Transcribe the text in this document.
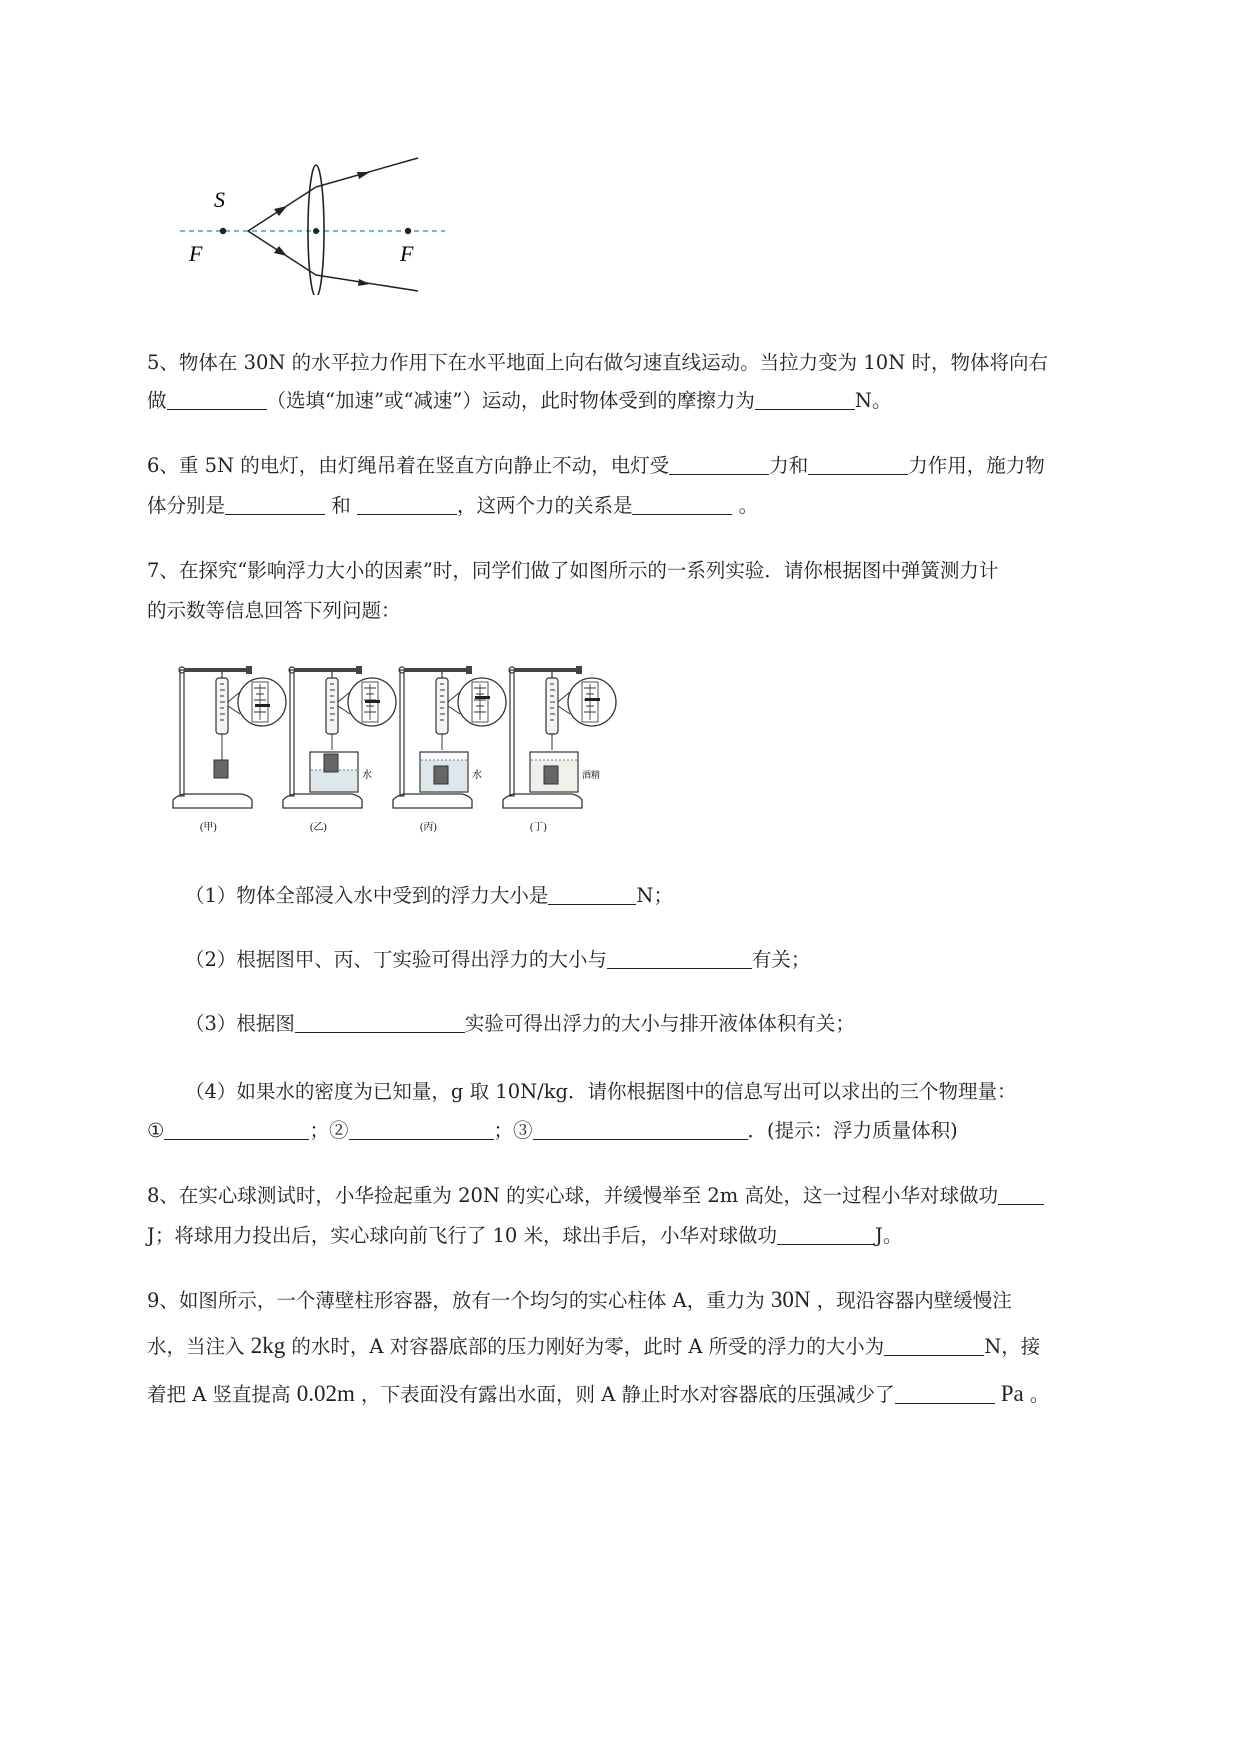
S
F	F
5、物体在 30N 的水平拉力作用下在水平地面上向右做匀速直线运动。当拉力变为 10N 时，物体将向右
做	（选填“加速”或“减速”）运动，此时物体受到的摩擦力为	N。
6、重 5N 的电灯，由灯绳吊着在竖直方向静止不动，电灯受	力和	力作用，施力物
体分别是	和	，这两个力的关系是	。
7、在探究“影响浮力大小的因素”时，同学们做了如图所示的一系列实验．请你根据图中弹簧测力计
的示数等信息回答下列问题：
水	水	酒精
(甲)	(乙)	(丙)	(丁)
（1）物体全部浸入水中受到的浮力大小是	N；
（2）根据图甲、丙、丁实验可得出浮力的大小与	有关；
（3）根据图	实验可得出浮力的大小与排开液体体积有关；
（4）如果水的密度为已知量，g 取 10N/kg．请你根据图中的信息写出可以求出的三个物理量：
①	；②	；③	．(提示：浮力质量体积)
8、在实心球测试时，小华捡起重为 20N 的实心球，并缓慢举至 2m 高处，这一过程小华对球做功
J；将球用力投出后，实心球向前飞行了 10 米，球出手后，小华对球做功	J。
9、如图所示，一个薄壁柱形容器，放有一个均匀的实心柱体 A，重力为 30N ，现沿容器内壁缓慢注
水，当注入 2kg 的水时，A 对容器底部的压力刚好为零，此时 A 所受的浮力的大小为	N，接
着把 A 竖直提高 0.02m ，下表面没有露出水面，则 A 静止时水对容器底的压强减少了	Pa 。
